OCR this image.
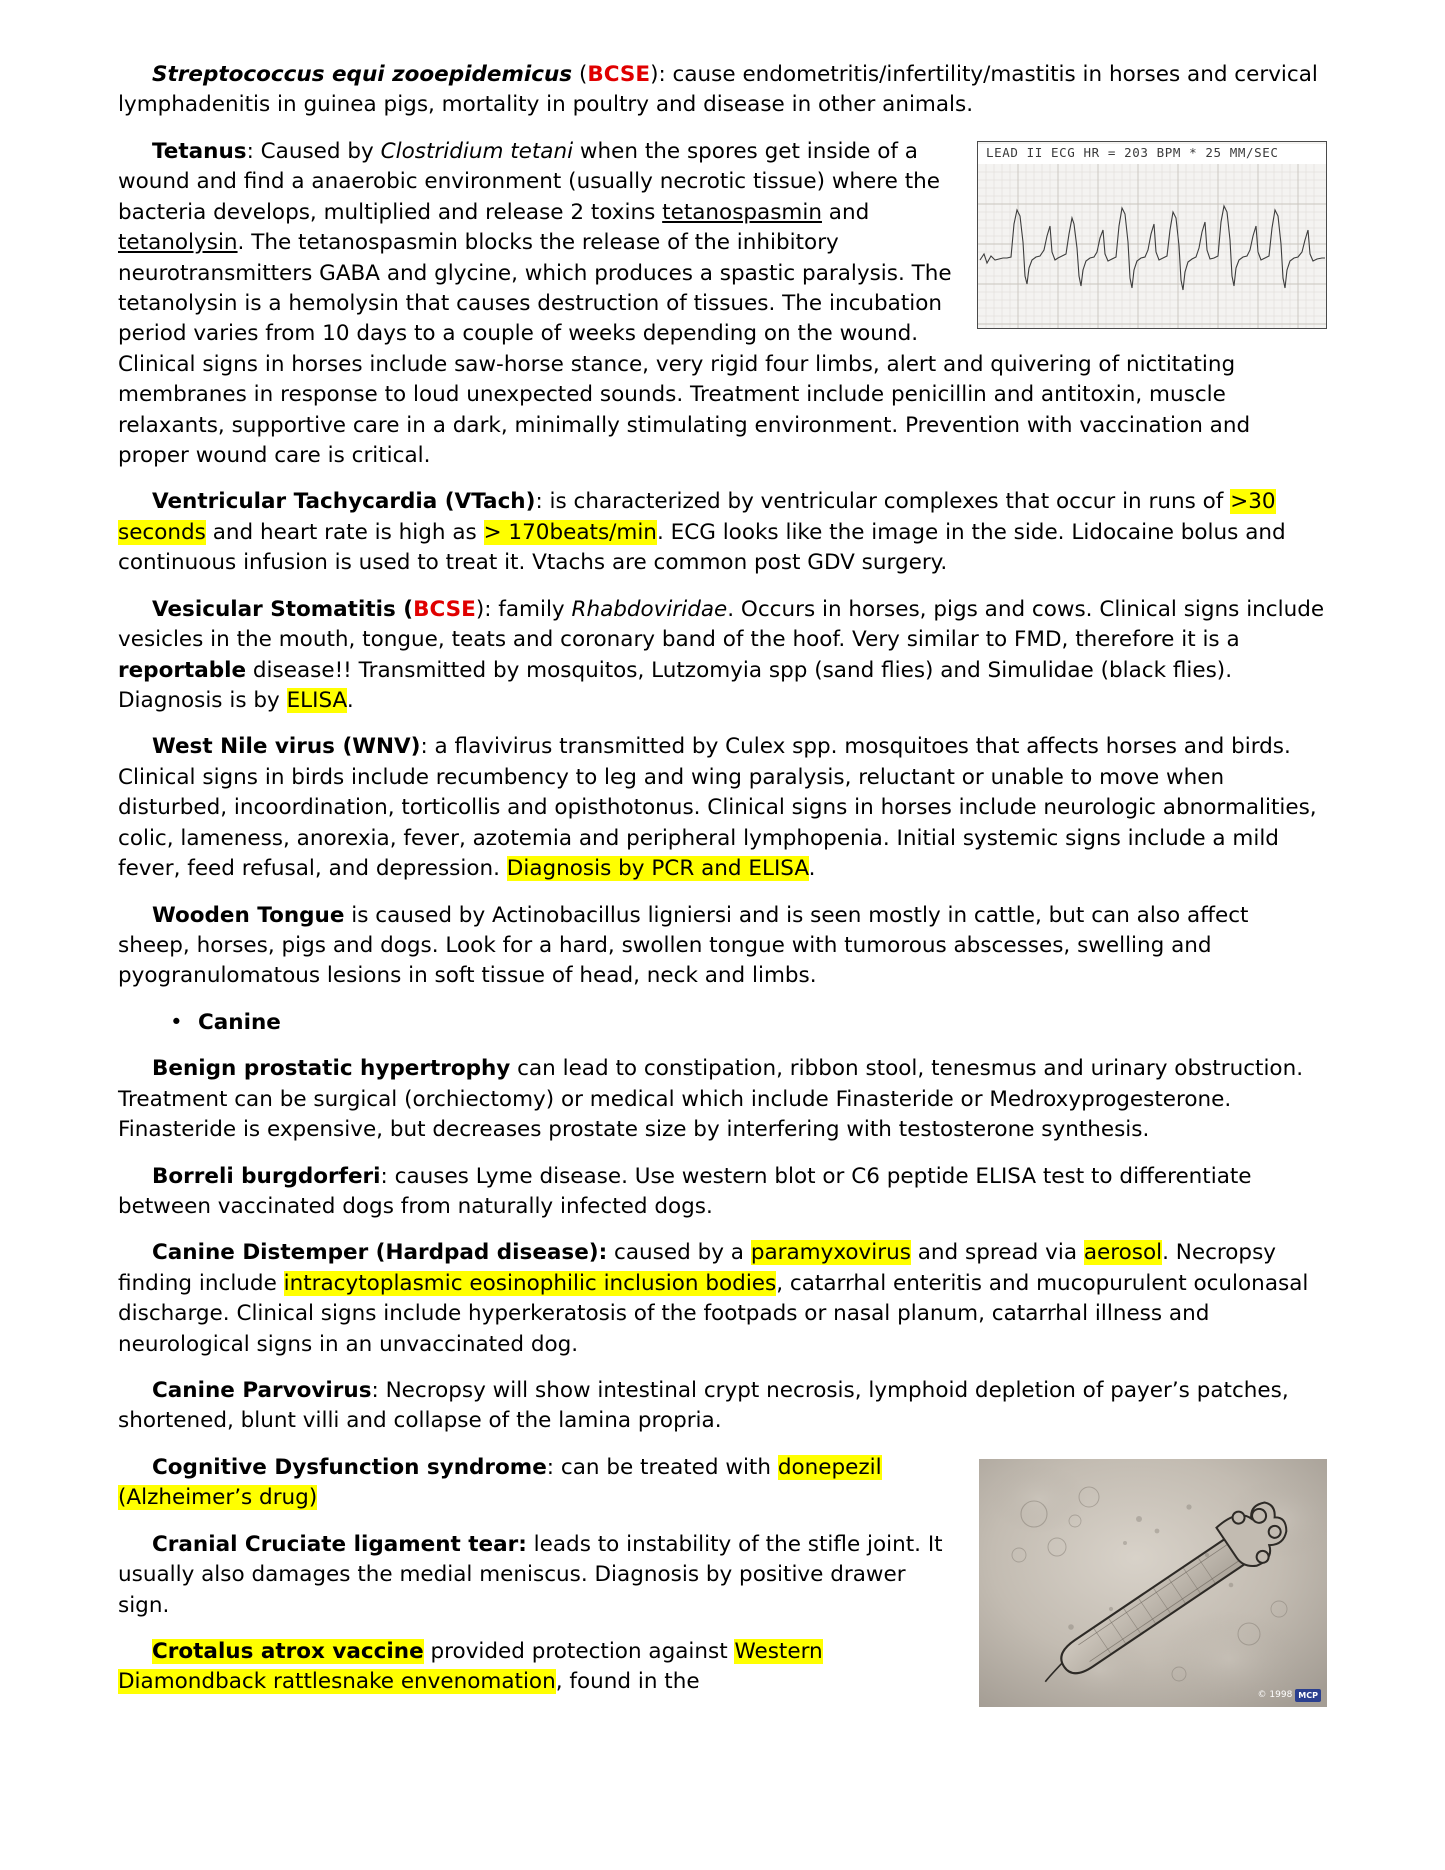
Streptococcus equi zooepidemicus (BCSE): cause endometritis/infertility/mastitis in horses and cervical lymphadenitis in guinea pigs, mortality in poultry and disease in other animals.

LEAD II ECG HR = 203 BPM * 25 MM/SEC

Tetanus: Caused by Clostridium tetani when the spores get inside of a wound and find a anaerobic environment (usually necrotic tissue) where the bacteria develops, multiplied and release 2 toxins tetanospasmin and tetanolysin. The tetanospasmin blocks the release of the inhibitory neurotransmitters GABA and glycine, which produces a spastic paralysis. The tetanolysin is a hemolysin that causes destruction of tissues. The incubation period varies from 10 days to a couple of weeks depending on the wound. Clinical signs in horses include saw-horse stance, very rigid four limbs, alert and quivering of nictitating membranes in response to loud unexpected sounds. Treatment include penicillin and antitoxin, muscle relaxants, supportive care in a dark, minimally stimulating environment. Prevention with vaccination and proper wound care is critical.

Ventricular Tachycardia (VTach): is characterized by ventricular complexes that occur in runs of >30 seconds and heart rate is high as > 170beats/min. ECG looks like the image in the side. Lidocaine bolus and continuous infusion is used to treat it. Vtachs are common post GDV surgery.

Vesicular Stomatitis (BCSE): family Rhabdoviridae. Occurs in horses, pigs and cows. Clinical signs include vesicles in the mouth, tongue, teats and coronary band of the hoof. Very similar to FMD, therefore it is a reportable disease!! Transmitted by mosquitos, Lutzomyia spp (sand flies) and Simulidae (black flies). Diagnosis is by ELISA.

West Nile virus (WNV): a flavivirus transmitted by Culex spp. mosquitoes that affects horses and birds. Clinical signs in birds include recumbency to leg and wing paralysis, reluctant or unable to move when disturbed, incoordination, torticollis and opisthotonus. Clinical signs in horses include neurologic abnormalities, colic, lameness, anorexia, fever, azotemia and peripheral lymphopenia. Initial systemic signs include a mild fever, feed refusal, and depression. Diagnosis by PCR and ELISA.

Wooden Tongue is caused by Actinobacillus ligniersi and is seen mostly in cattle, but can also affect sheep, horses, pigs and dogs. Look for a hard, swollen tongue with tumorous abscesses, swelling and pyogranulomatous lesions in soft tissue of head, neck and limbs.

• Canine

Benign prostatic hypertrophy can lead to constipation, ribbon stool, tenesmus and urinary obstruction. Treatment can be surgical (orchiectomy) or medical which include Finasteride or Medroxyprogesterone. Finasteride is expensive, but decreases prostate size by interfering with testosterone synthesis.

Borreli burgdorferi: causes Lyme disease. Use western blot or C6 peptide ELISA test to differentiate between vaccinated dogs from naturally infected dogs.

Canine Distemper (Hardpad disease): caused by a paramyxovirus and spread via aerosol. Necropsy finding include intracytoplasmic eosinophilic inclusion bodies, catarrhal enteritis and mucopurulent oculonasal discharge. Clinical signs include hyperkeratosis of the footpads or nasal planum, catarrhal illness and neurological signs in an unvaccinated dog.

Canine Parvovirus: Necropsy will show intestinal crypt necrosis, lymphoid depletion of payer’s patches, shortened, blunt villi and collapse of the lamina propria.

© 1998 MCP

Cognitive Dysfunction syndrome: can be treated with donepezil (Alzheimer’s drug)

Cranial Cruciate ligament tear: leads to instability of the stifle joint. It usually also damages the medial meniscus. Diagnosis by positive drawer sign.

Crotalus atrox vaccine provided protection against Western Diamondback rattlesnake envenomation, found in the
